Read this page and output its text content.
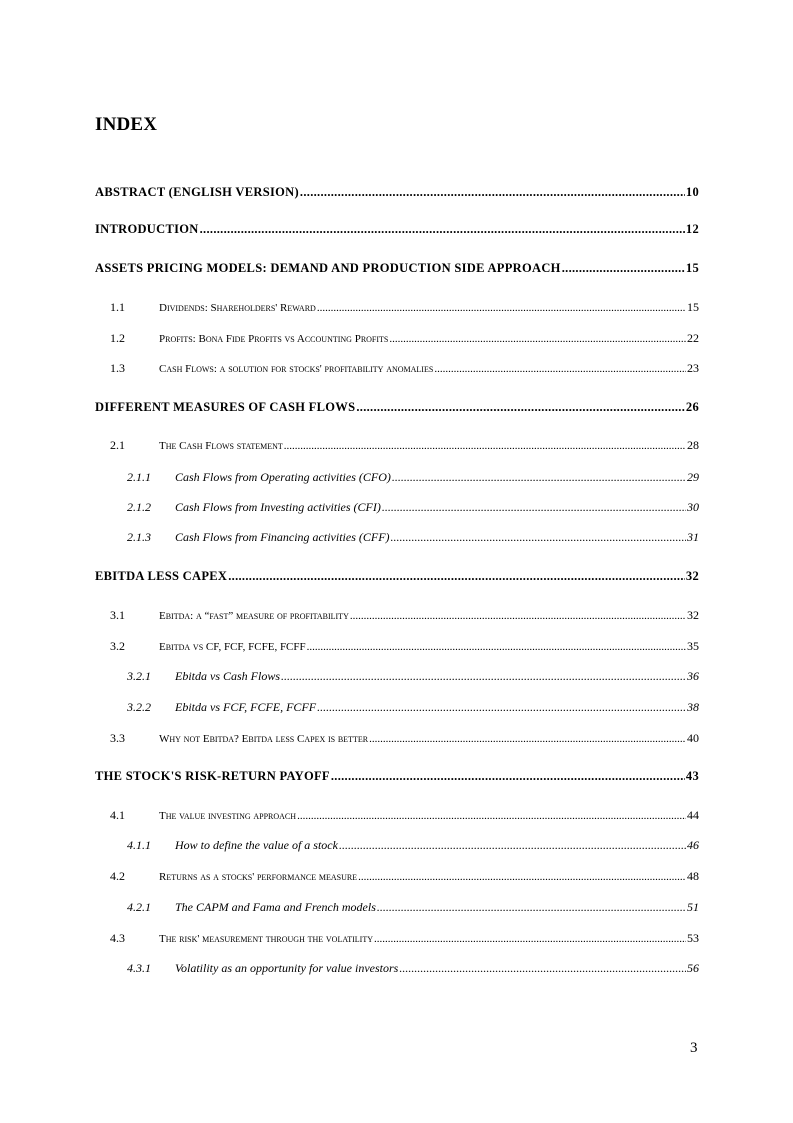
INDEX
ABSTRACT (ENGLISH VERSION) .....	10
INTRODUCTION .....	12
ASSETS PRICING MODELS: DEMAND AND PRODUCTION SIDE APPROACH .....	15
1.1	Dividends: Shareholders' Reward .....	15
1.2	Profits: Bona Fide Profits vs Accounting Profits .....	22
1.3	Cash Flows: a solution for stocks' profitability anomalies .....	23
DIFFERENT MEASURES OF CASH FLOWS .....	26
2.1	The Cash Flows statement .....	28
2.1.1	Cash Flows from Operating activities (CFO) .....	29
2.1.2	Cash Flows from Investing activities (CFI) .....	30
2.1.3	Cash Flows from Financing activities (CFF) .....	31
EBITDA LESS CAPEX .....	32
3.1	Ebitda: a “fast” measure of profitability .....	32
3.2	Ebitda vs CF, FCF, FCFE, FCFF .....	35
3.2.1	Ebitda vs Cash Flows .....	36
3.2.2	Ebitda vs FCF, FCFE, FCFF .....	38
3.3	Why not Ebitda? Ebitda less Capex is better .....	40
THE STOCK'S RISK-RETURN PAYOFF .....	43
4.1	The value investing approach .....	44
4.1.1	How to define the value of a stock .....	46
4.2	Returns as a stocks' performance measure .....	48
4.2.1	The CAPM and Fama and French models .....	51
4.3	The risk' measurement through the volatility .....	53
4.3.1	Volatility as an opportunity for value investors .....	56
3
